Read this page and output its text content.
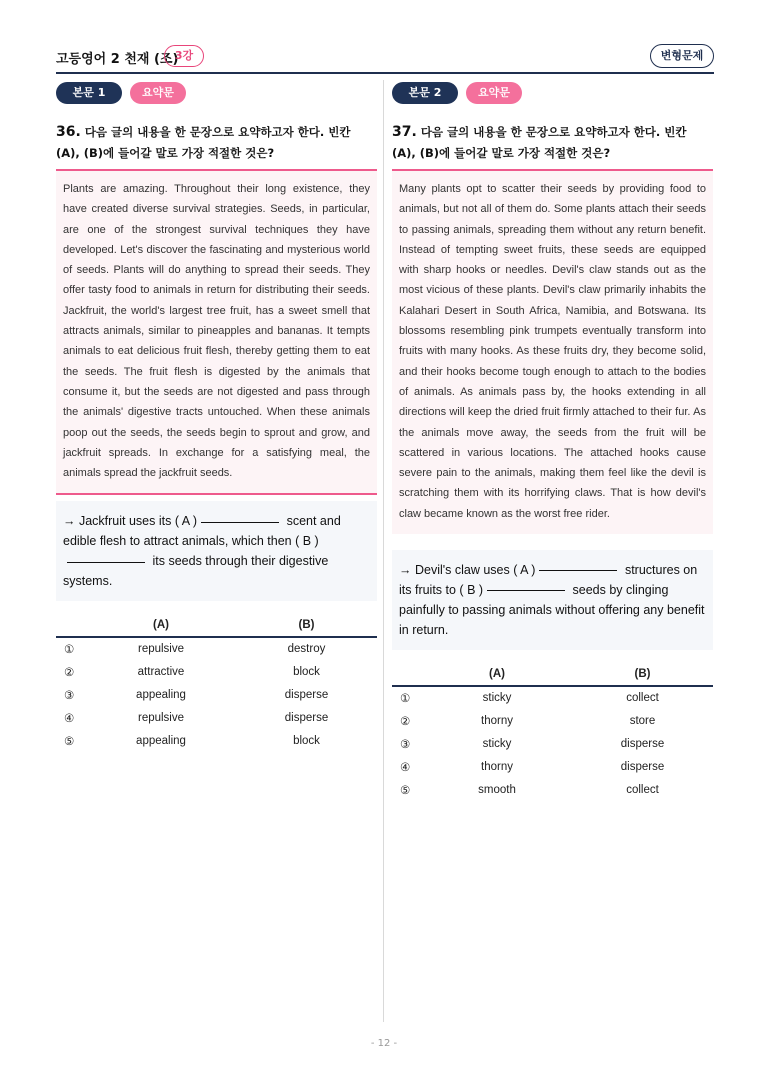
고등영어 2 천재 (조)
3강	변형문제
본문 1	요약문
36. 다음 글의 내용을 한 문장으로 요약하고자 한다. 빈칸 (A), (B)에 들어갈 말로 가장 적절한 것은?
Plants are amazing. Throughout their long existence, they have created diverse survival strategies. Seeds, in particular, are one of the strongest survival techniques they have developed. Let's discover the fascinating and mysterious world of seeds. Plants will do anything to spread their seeds. They offer tasty food to animals in return for distributing their seeds. Jackfruit, the world's largest tree fruit, has a sweet smell that attracts animals, similar to pineapples and bananas. It tempts animals to eat delicious fruit flesh, thereby getting them to eat the seeds. The fruit flesh is digested by the animals that consume it, but the seeds are not digested and pass through the animals' digestive tracts untouched. When these animals poop out the seeds, the seeds begin to sprout and grow, and jackfruit spreads. In exchange for a satisfying meal, the animals spread the jackfruit seeds.
→ Jackfruit uses its ( A )	scent and edible flesh to attract animals, which then ( B ) its seeds through their digestive systems.
	(A)	(B)
①	repulsive	destroy
②	attractive	block
③	appealing	disperse
④	repulsive	disperse
⑤	appealing	block
본문 2	요약문
37. 다음 글의 내용을 한 문장으로 요약하고자 한다. 빈칸 (A), (B)에 들어갈 말로 가장 적절한 것은?
Many plants opt to scatter their seeds by providing food to animals, but not all of them do. Some plants attach their seeds to passing animals, spreading them without any return benefit. Instead of tempting sweet fruits, these seeds are equipped with sharp hooks or needles. Devil's claw stands out as the most vicious of these plants. Devil's claw primarily inhabits the Kalahari Desert in South Africa, Namibia, and Botswana. Its blossoms resembling pink trumpets eventually transform into fruits with many hooks. As these fruits dry, they become solid, and their hooks become tough enough to attach to the bodies of animals. As animals pass by, the hooks extending in all directions will keep the dried fruit firmly attached to their fur. As the animals move away, the seeds from the fruit will be scattered in various locations. The attached hooks cause severe pain to the animals, making them feel like the devil is scratching them with its horrifying claws. That is how devil's claw became known as the worst free rider.
→ Devil's claw uses ( A )	structures on its fruits to ( B )	seeds by clinging painfully to passing animals without offering any benefit in return.
	(A)	(B)
①	sticky	collect
②	thorny	store
③	sticky	disperse
④	thorny	disperse
⑤	smooth	collect
- 12 -
